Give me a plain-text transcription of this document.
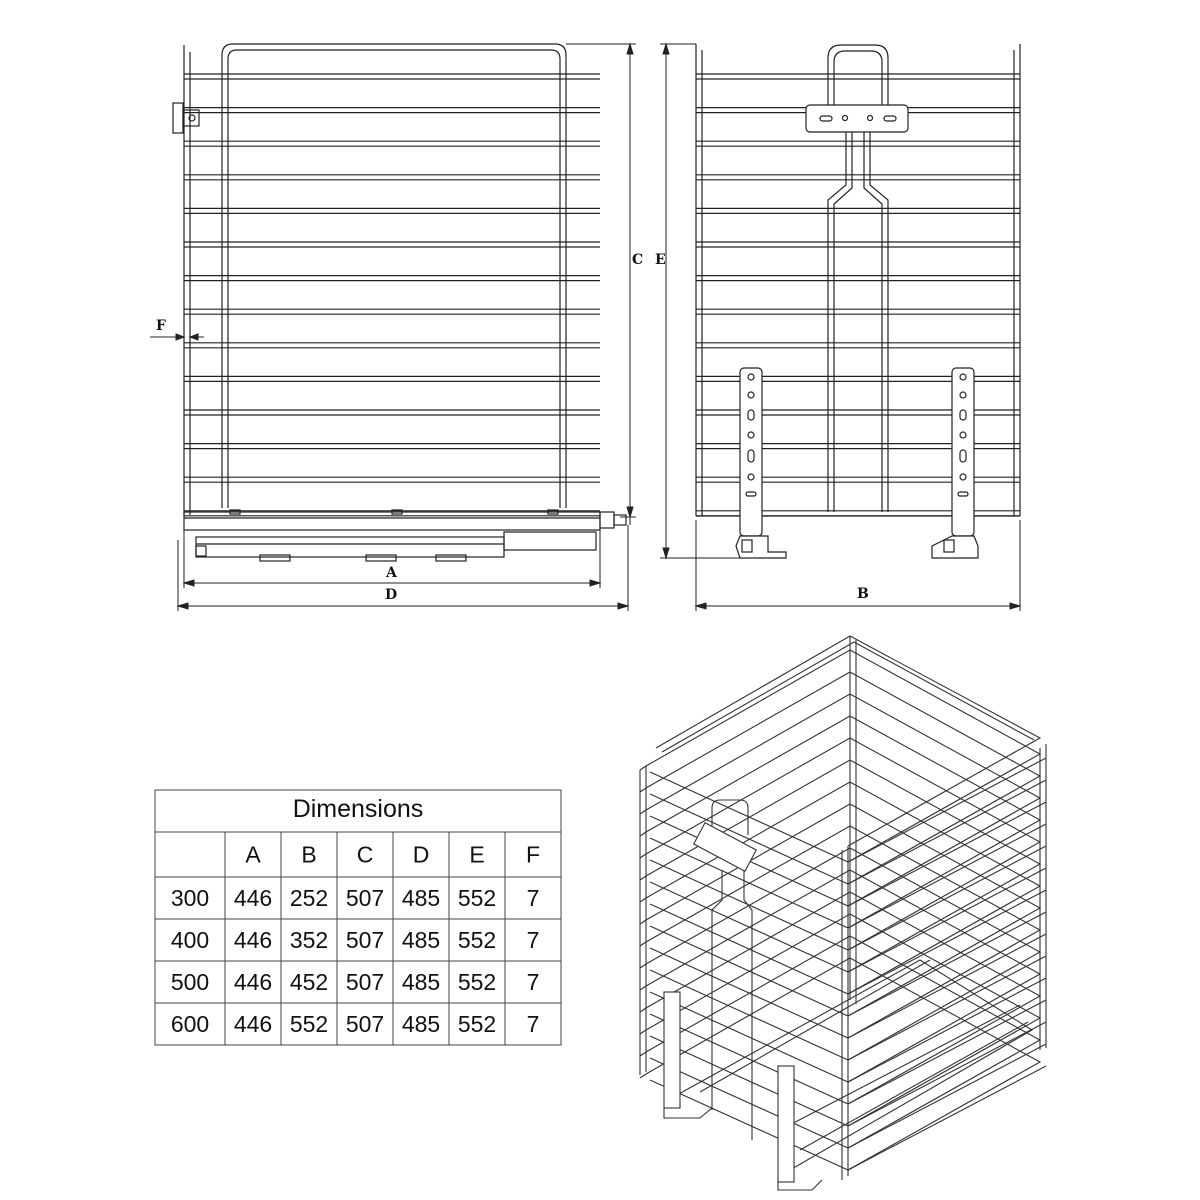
C
A
D
F
E
B
Dimensions
A B C D E F
300 446 252 507 485 552 7
400 446 352 507 485 552 7
500 446 452 507 485 552 7
600 446 552 507 485 552 7
